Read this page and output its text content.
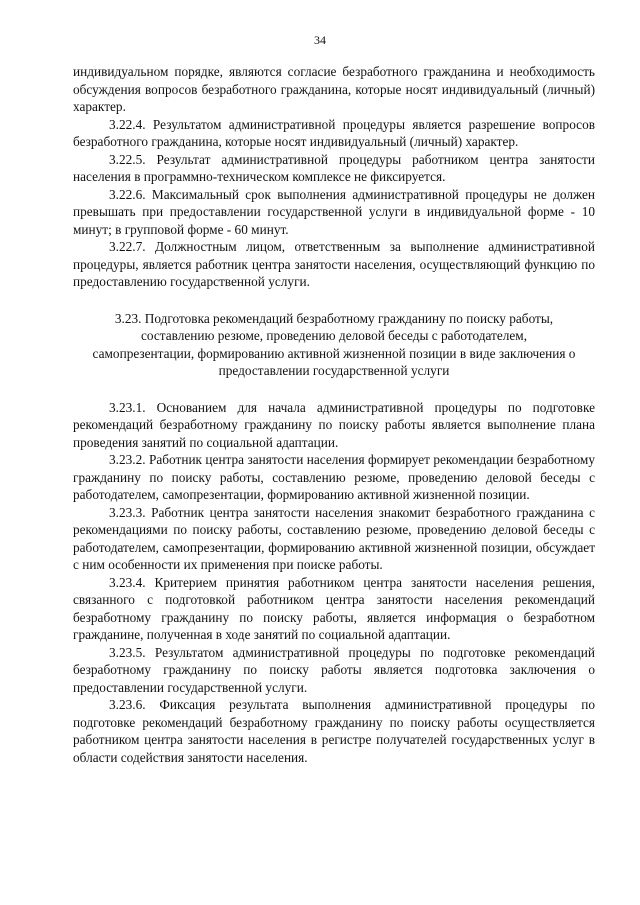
34

индивидуальном порядке, являются согласие безработного гражданина и необходимость обсуждения вопросов безработного гражданина, которые носят индивидуальный (личный) характер.

3.22.4. Результатом административной процедуры является разрешение вопросов безработного гражданина, которые носят индивидуальный (личный) характер.

3.22.5. Результат административной процедуры работником центра занятости населения в программно-техническом комплексе не фиксируется.

3.22.6. Максимальный срок выполнения административной процедуры не должен превышать при предоставлении государственной услуги в индивидуальной форме - 10 минут; в групповой форме - 60 минут.

3.22.7. Должностным лицом, ответственным за выполнение административной процедуры, является работник центра занятости населения, осуществляющий функцию по предоставлению государственной услуги.

3.23. Подготовка рекомендаций безработному гражданину по поиску работы, составлению резюме, проведению деловой беседы с работодателем, самопрезентации, формированию активной жизненной позиции в виде заключения о предоставлении государственной услуги

3.23.1. Основанием для начала административной процедуры по подготовке рекомендаций безработному гражданину по поиску работы является выполнение плана проведения занятий по социальной адаптации.

3.23.2. Работник центра занятости населения формирует рекомендации безработному гражданину по поиску работы, составлению резюме, проведению деловой беседы с работодателем, самопрезентации, формированию активной жизненной позиции.

3.23.3. Работник центра занятости населения знакомит безработного гражданина с рекомендациями по поиску работы, составлению резюме, проведению деловой беседы с работодателем, самопрезентации, формированию активной жизненной позиции, обсуждает с ним особенности их применения при поиске работы.

3.23.4. Критерием принятия работником центра занятости населения решения, связанного с подготовкой работником центра занятости населения рекомендаций безработному гражданину по поиску работы, является информация о безработном гражданине, полученная в ходе занятий по социальной адаптации.

3.23.5. Результатом административной процедуры по подготовке рекомендаций безработному гражданину по поиску работы является подготовка заключения о предоставлении государственной услуги.

3.23.6. Фиксация результата выполнения административной процедуры по подготовке рекомендаций безработному гражданину по поиску работы осуществляется работником центра занятости населения в регистре получателей государственных услуг в области содействия занятости населения.
